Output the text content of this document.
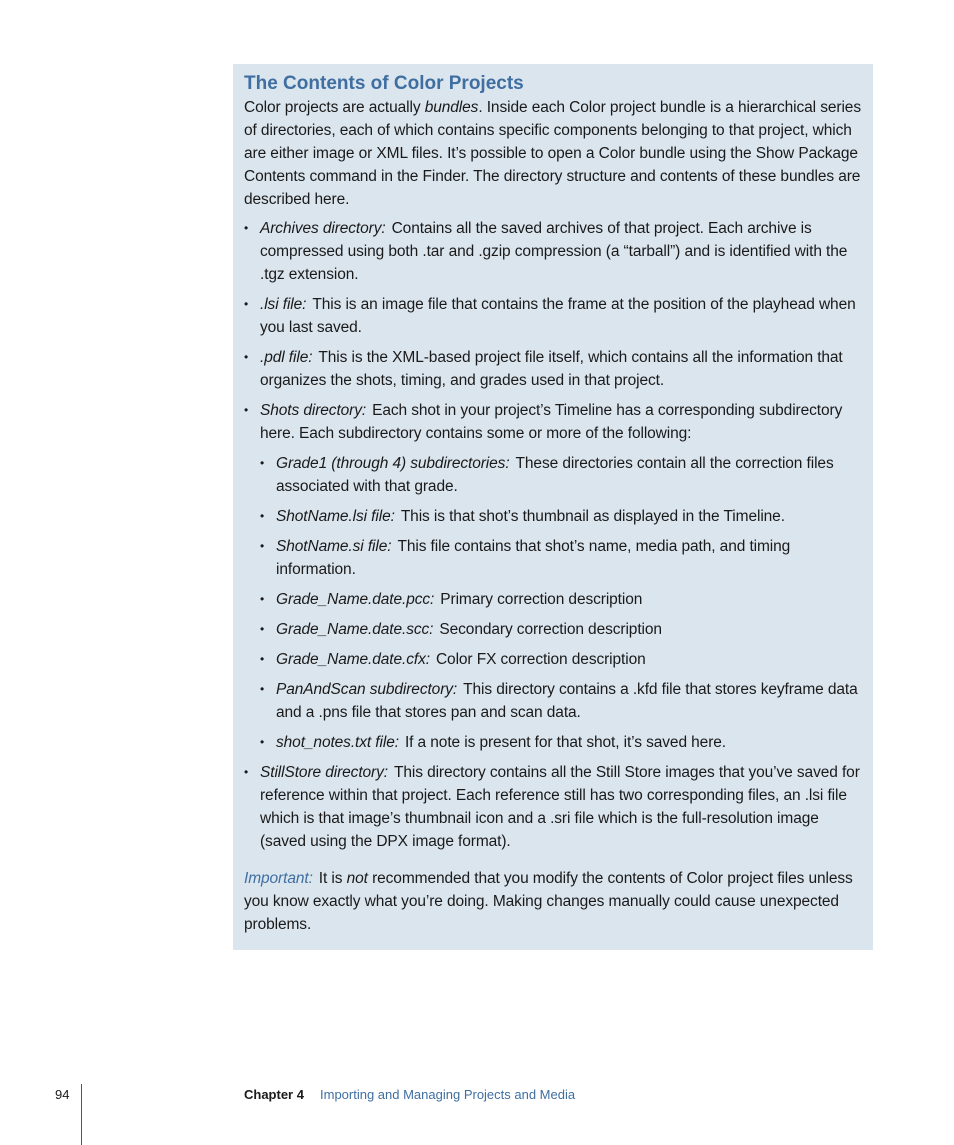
The Contents of Color Projects

Color projects are actually bundles. Inside each Color project bundle is a hierarchical series of directories, each of which contains specific components belonging to that project, which are either image or XML files. It’s possible to open a Color bundle using the Show Package Contents command in the Finder. The directory structure and contents of these bundles are described here.

• Archives directory: Contains all the saved archives of that project. Each archive is compressed using both .tar and .gzip compression (a “tarball”) and is identified with the .tgz extension.
• .lsi file: This is an image file that contains the frame at the position of the playhead when you last saved.
• .pdl file: This is the XML-based project file itself, which contains all the information that organizes the shots, timing, and grades used in that project.
• Shots directory: Each shot in your project’s Timeline has a corresponding subdirectory here. Each subdirectory contains some or more of the following:
• Grade1 (through 4) subdirectories: These directories contain all the correction files associated with that grade.
• ShotName.lsi file: This is that shot’s thumbnail as displayed in the Timeline.
• ShotName.si file: This file contains that shot’s name, media path, and timing information.
• Grade_Name.date.pcc: Primary correction description
• Grade_Name.date.scc: Secondary correction description
• Grade_Name.date.cfx: Color FX correction description
• PanAndScan subdirectory: This directory contains a .kfd file that stores keyframe data and a .pns file that stores pan and scan data.
• shot_notes.txt file: If a note is present for that shot, it’s saved here.
• StillStore directory: This directory contains all the Still Store images that you’ve saved for reference within that project. Each reference still has two corresponding files, an .lsi file which is that image’s thumbnail icon and a .sri file which is the full-resolution image (saved using the DPX image format).

Important: It is not recommended that you modify the contents of Color project files unless you know exactly what you’re doing. Making changes manually could cause unexpected problems.

94	Chapter 4 Importing and Managing Projects and Media
